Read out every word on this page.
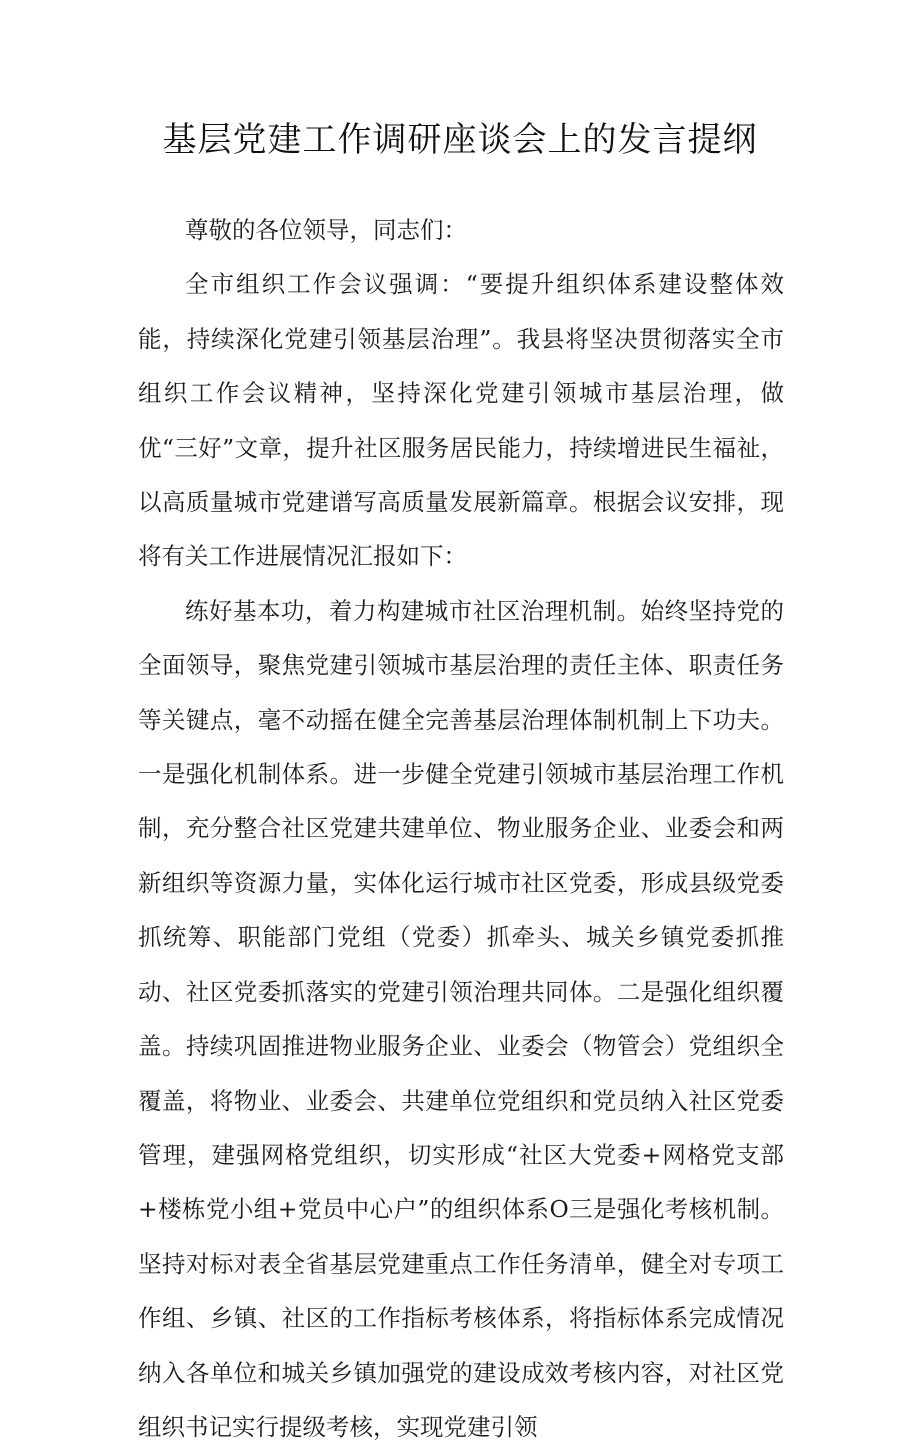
基层党建工作调研座谈会上的发言提纲

尊敬的各位领导，同志们：

全市组织工作会议强调：“要提升组织体系建设整体效能，持续深化党建引领基层治理”。我县将坚决贯彻落实全市组织工作会议精神，坚持深化党建引领城市基层治理，做优“三好”文章，提升社区服务居民能力，持续增进民生福祉，以高质量城市党建谱写高质量发展新篇章。根据会议安排，现将有关工作进展情况汇报如下：

练好基本功，着力构建城市社区治理机制。始终坚持党的全面领导，聚焦党建引领城市基层治理的责任主体、职责任务等关键点，毫不动摇在健全完善基层治理体制机制上下功夫。一是强化机制体系。进一步健全党建引领城市基层治理工作机制，充分整合社区党建共建单位、物业服务企业、业委会和两新组织等资源力量，实体化运行城市社区党委，形成县级党委抓统筹、职能部门党组（党委）抓牵头、城关乡镇党委抓推动、社区党委抓落实的党建引领治理共同体。二是强化组织覆盖。持续巩固推进物业服务企业、业委会（物管会）党组织全覆盖，将物业、业委会、共建单位党组织和党员纳入社区党委管理，建强网格党组织，切实形成“社区大党委+网格党支部+楼栋党小组+党员中心户”的组织体系O三是强化考核机制。坚持对标对表全省基层党建重点工作任务清单，健全对专项工作组、乡镇、社区的工作指标考核体系，将指标体系完成情况纳入各单位和城关乡镇加强党的建设成效考核内容，对社区党组织书记实行提级考核，实现党建引领
